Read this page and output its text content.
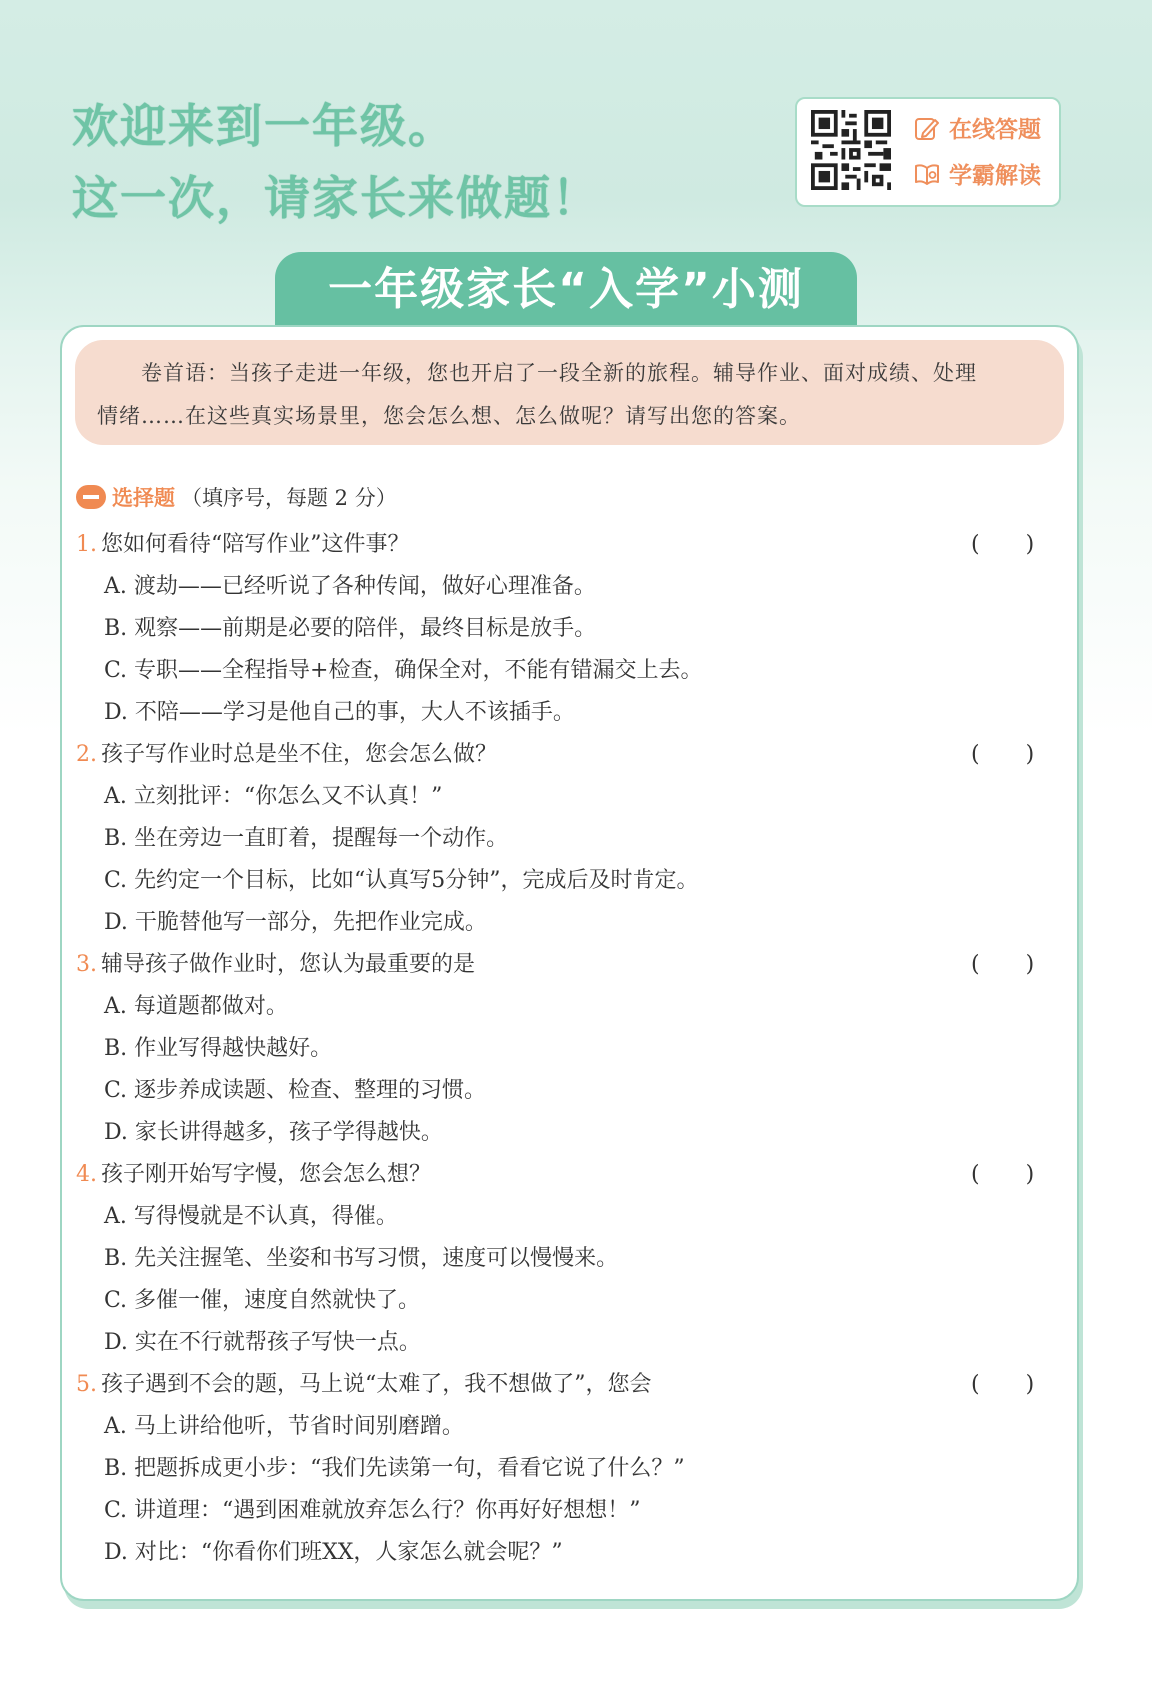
欢迎来到一年级。
这一次，请家长来做题！
在线答题
学霸解读
一年级家长“入学”小测
卷首语：当孩子走进一年级，您也开启了一段全新的旅程。辅导作业、面对成绩、处理
情绪……在这些真实场景里，您会怎么想、怎么做呢？请写出您的答案。
选择题 （填序号，每题 2 分）
1. 您如何看待“陪写作业”这件事？	()
A. 渡劫——已经听说了各种传闻，做好心理准备。
B. 观察——前期是必要的陪伴，最终目标是放手。
C. 专职——全程指导+检查，确保全对，不能有错漏交上去。
D. 不陪——学习是他自己的事，大人不该插手。
2. 孩子写作业时总是坐不住，您会怎么做？	()
A. 立刻批评：“你怎么又不认真！”
B. 坐在旁边一直盯着，提醒每一个动作。
C. 先约定一个目标，比如“认真写5分钟”，完成后及时肯定。
D. 干脆替他写一部分，先把作业完成。
3. 辅导孩子做作业时，您认为最重要的是	()
A. 每道题都做对。
B. 作业写得越快越好。
C. 逐步养成读题、检查、整理的习惯。
D. 家长讲得越多，孩子学得越快。
4. 孩子刚开始写字慢，您会怎么想？	()
A. 写得慢就是不认真，得催。
B. 先关注握笔、坐姿和书写习惯，速度可以慢慢来。
C. 多催一催，速度自然就快了。
D. 实在不行就帮孩子写快一点。
5. 孩子遇到不会的题，马上说“太难了，我不想做了”，您会	()
A. 马上讲给他听，节省时间别磨蹭。
B. 把题拆成更小步：“我们先读第一句，看看它说了什么？”
C. 讲道理：“遇到困难就放弃怎么行？你再好好想想！”
D. 对比：“你看你们班XX，人家怎么就会呢？”
